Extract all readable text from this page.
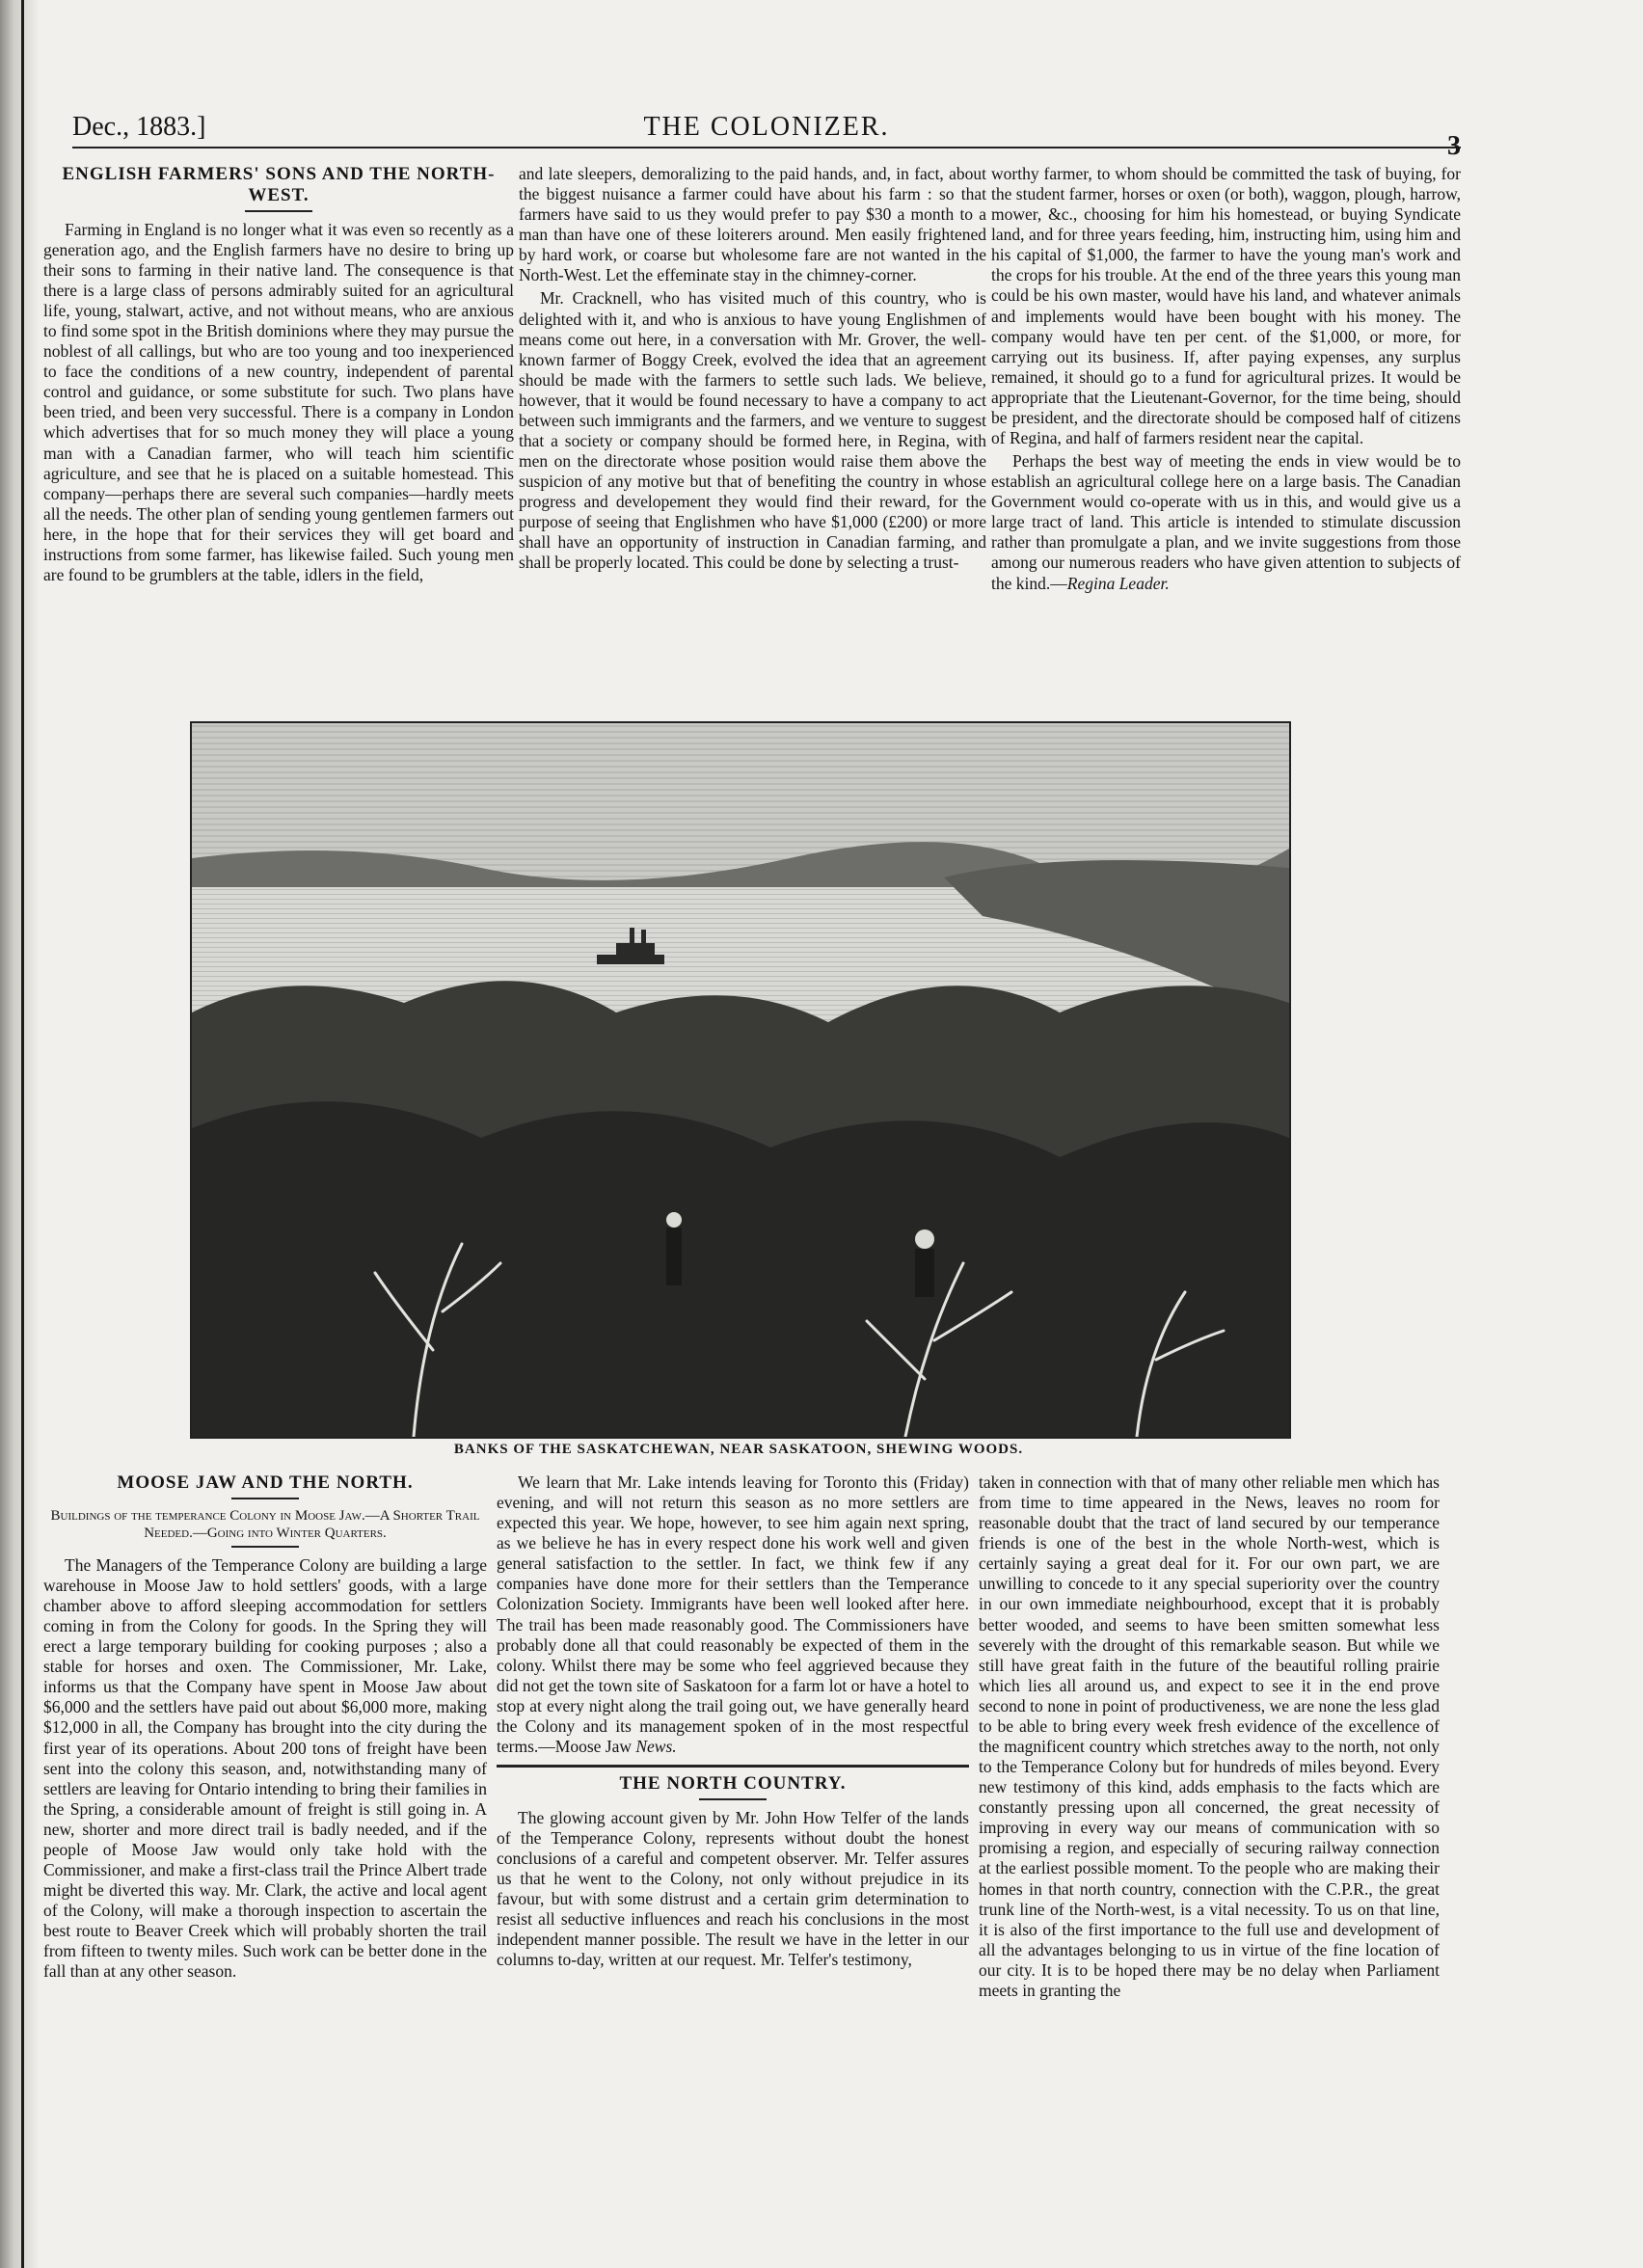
Dec., 1883.]	THE COLONIZER.
3
ENGLISH FARMERS' SONS AND THE NORTH-WEST.

Farming in England is no longer what it was even so recently as a generation ago, and the English farmers have no desire to bring up their sons to farming in their native land. The consequence is that there is a large class of persons admirably suited for an agricultural life, young, stalwart, active, and not without means, who are anxious to find some spot in the British dominions where they may pursue the noblest of all callings, but who are too young and too inexperienced to face the conditions of a new country, independent of parental control and guidance, or some substitute for such. Two plans have been tried, and been very successful. There is a company in London which advertises that for so much money they will place a young man with a Canadian farmer, who will teach him scientific agriculture, and see that he is placed on a suitable homestead. This company—perhaps there are several such companies—hardly meets all the needs. The other plan of sending young gentlemen farmers out here, in the hope that for their services they will get board and instructions from some farmer, has likewise failed. Such young men are found to be grumblers at the table, idlers in the field,

and late sleepers, demoralizing to the paid hands, and, in fact, about the biggest nuisance a farmer could have about his farm : so that farmers have said to us they would prefer to pay $30 a month to a man than have one of these loiterers around. Men easily frightened by hard work, or coarse but wholesome fare are not wanted in the North-West. Let the effeminate stay in the chimney-corner.

Mr. Cracknell, who has visited much of this country, who is delighted with it, and who is anxious to have young Englishmen of means come out here, in a conversation with Mr. Grover, the well-known farmer of Boggy Creek, evolved the idea that an agreement should be made with the farmers to settle such lads. We believe, however, that it would be found necessary to have a company to act between such immigrants and the farmers, and we venture to suggest that a society or company should be formed here, in Regina, with men on the directorate whose position would raise them above the suspicion of any motive but that of benefiting the country in whose progress and developement they would find their reward, for the purpose of seeing that Englishmen who have $1,000 (£200) or more shall have an opportunity of instruction in Canadian farming, and shall be properly located. This could be done by selecting a trust-

worthy farmer, to whom should be committed the task of buying, for the student farmer, horses or oxen (or both), waggon, plough, harrow, mower, &c., choosing for him his homestead, or buying Syndicate land, and for three years feeding, him, instructing him, using him and his capital of $1,000, the farmer to have the young man's work and the crops for his trouble. At the end of the three years this young man could be his own master, would have his land, and whatever animals and implements would have been bought with his money. The company would have ten per cent. of the $1,000, or more, for carrying out its business. If, after paying expenses, any surplus remained, it should go to a fund for agricultural prizes. It would be appropriate that the Lieutenant-Governor, for the time being, should be president, and the directorate should be composed half of citizens of Regina, and half of farmers resident near the capital.

Perhaps the best way of meeting the ends in view would be to establish an agricultural college here on a large basis. The Canadian Government would co-operate with us in this, and would give us a large tract of land. This article is intended to stimulate discussion rather than promulgate a plan, and we invite suggestions from those among our numerous readers who have given attention to subjects of the kind.—Regina Leader.

BANKS OF THE SASKATCHEWAN, NEAR SASKATOON, SHEWING WOODS.
MOOSE JAW AND THE NORTH.
Buildings of the temperance Colony in Moose Jaw.—A Shorter Trail Needed.—Going into Winter Quarters.

The Managers of the Temperance Colony are building a large warehouse in Moose Jaw to hold settlers' goods, with a large chamber above to afford sleeping accommodation for settlers coming in from the Colony for goods. In the Spring they will erect a large temporary building for cooking purposes ; also a stable for horses and oxen. The Commissioner, Mr. Lake, informs us that the Company have spent in Moose Jaw about $6,000 and the settlers have paid out about $6,000 more, making $12,000 in all, the Company has brought into the city during the first year of its operations. About 200 tons of freight have been sent into the colony this season, and, notwithstanding many of settlers are leaving for Ontario intending to bring their families in the Spring, a considerable amount of freight is still going in. A new, shorter and more direct trail is badly needed, and if the people of Moose Jaw would only take hold with the Commissioner, and make a first-class trail the Prince Albert trade might be diverted this way. Mr. Clark, the active and local agent of the Colony, will make a thorough inspection to ascertain the best route to Beaver Creek which will probably shorten the trail from fifteen to twenty miles. Such work can be better done in the fall than at any other season.

We learn that Mr. Lake intends leaving for Toronto this (Friday) evening, and will not return this season as no more settlers are expected this year. We hope, however, to see him again next spring, as we believe he has in every respect done his work well and given general satisfaction to the settler. In fact, we think few if any companies have done more for their settlers than the Temperance Colonization Society. Immigrants have been well looked after here. The trail has been made reasonably good. The Commissioners have probably done all that could reasonably be expected of them in the colony. Whilst there may be some who feel aggrieved because they did not get the town site of Saskatoon for a farm lot or have a hotel to stop at every night along the trail going out, we have generally heard the Colony and its management spoken of in the most respectful terms.—Moose Jaw News.

THE NORTH COUNTRY.

The glowing account given by Mr. John How Telfer of the lands of the Temperance Colony, represents without doubt the honest conclusions of a careful and competent observer. Mr. Telfer assures us that he went to the Colony, not only without prejudice in its favour, but with some distrust and a certain grim determination to resist all seductive influences and reach his conclusions in the most independent manner possible. The result we have in the letter in our columns to-day, written at our request. Mr. Telfer's testimony,

taken in connection with that of many other reliable men which has from time to time appeared in the News, leaves no room for reasonable doubt that the tract of land secured by our temperance friends is one of the best in the whole North-west, which is certainly saying a great deal for it. For our own part, we are unwilling to concede to it any special superiority over the country in our own immediate neighbourhood, except that it is probably better wooded, and seems to have been smitten somewhat less severely with the drought of this remarkable season. But while we still have great faith in the future of the beautiful rolling prairie which lies all around us, and expect to see it in the end prove second to none in point of productiveness, we are none the less glad to be able to bring every week fresh evidence of the excellence of the magnificent country which stretches away to the north, not only to the Temperance Colony but for hundreds of miles beyond. Every new testimony of this kind, adds emphasis to the facts which are constantly pressing upon all concerned, the great necessity of improving in every way our means of communication with so promising a region, and especially of securing railway connection at the earliest possible moment. To the people who are making their homes in that north country, connection with the C.P.R., the great trunk line of the North-west, is a vital necessity. To us on that line, it is also of the first importance to the full use and development of all the advantages belonging to us in virtue of the fine location of our city. It is to be hoped there may be no delay when Parliament meets in granting the
